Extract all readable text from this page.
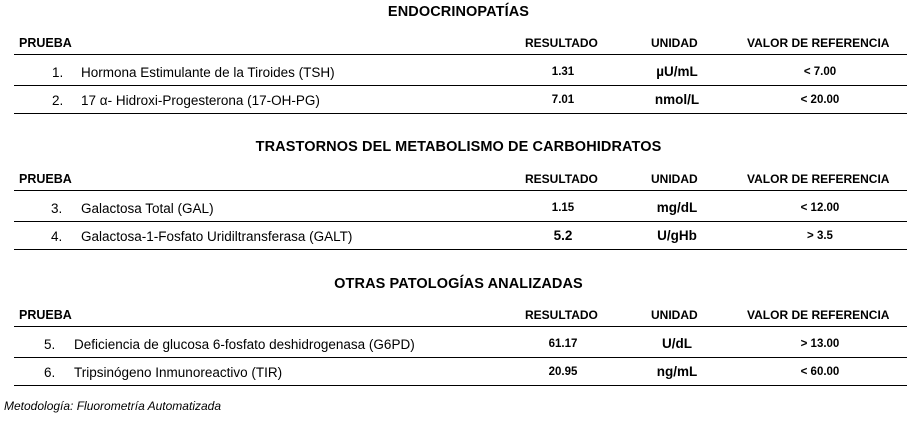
ENDOCRINOPATÍAS
PRUEBA	RESULTADO	UNIDAD	VALOR DE REFERENCIA
1. Hormona Estimulante de la Tiroides (TSH)	1.31	µU/mL	< 7.00
2. 17 α- Hidroxi-Progesterona (17-OH-PG)	7.01	nmol/L	< 20.00
TRASTORNOS DEL METABOLISMO DE CARBOHIDRATOS
PRUEBA	RESULTADO	UNIDAD	VALOR DE REFERENCIA
3. Galactosa Total (GAL)	1.15	mg/dL	< 12.00
4. Galactosa-1-Fosfato Uridiltransferasa (GALT)	5.2	U/gHb	> 3.5
OTRAS PATOLOGÍAS ANALIZADAS
PRUEBA	RESULTADO	UNIDAD	VALOR DE REFERENCIA
5. Deficiencia de glucosa 6-fosfato deshidrogenasa (G6PD)	61.17	U/dL	> 13.00
6. Tripsinógeno Inmunoreactivo (TIR)	20.95	ng/mL	< 60.00
Metodología: Fluorometría Automatizada
